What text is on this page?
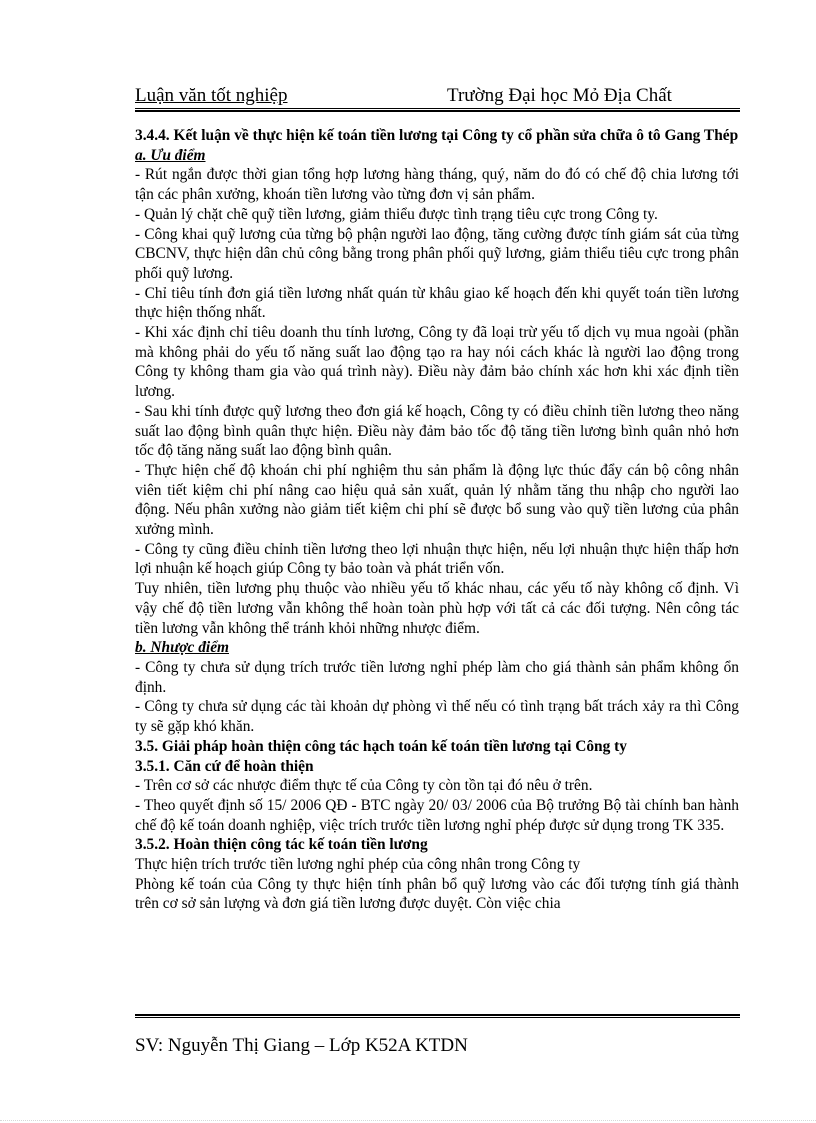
Luận văn tốt nghiệp	Trường Đại học Mỏ Địa Chất

3.4.4. Kết luận về thực hiện kế toán tiền lương tại Công ty cổ phần sửa chữa ô tô Gang Thép

a. Ưu điểm

- Rút ngắn được thời gian tổng hợp lương hàng tháng, quý, năm do đó có chế độ chia lương tới tận các phân xưởng, khoán tiền lương vào từng đơn vị sản phẩm.

- Quản lý chặt chẽ quỹ tiền lương, giảm thiểu được tình trạng tiêu cực trong Công ty.

- Công khai quỹ lương của từng bộ phận người lao động, tăng cường được tính giám sát của từng CBCNV, thực hiện dân chủ công bằng trong phân phối quỹ lương, giảm thiểu tiêu cực trong phân phối quỹ lương.

- Chỉ tiêu tính đơn giá tiền lương nhất quán từ khâu giao kế hoạch đến khi quyết toán tiền lương thực hiện thống nhất.

- Khi xác định chỉ tiêu doanh thu tính lương, Công ty đã loại trừ yếu tố dịch vụ mua ngoài (phần mà không phải do yếu tố năng suất lao động tạo ra hay nói cách khác là người lao động trong Công ty không tham gia vào quá trình này). Điều này đảm bảo chính xác hơn khi xác định tiền lương.

- Sau khi tính được quỹ lương theo đơn giá kế hoạch, Công ty có điều chỉnh tiền lương theo năng suất lao động bình quân thực hiện. Điều này đảm bảo tốc độ tăng tiền lương bình quân nhỏ hơn tốc độ tăng năng suất lao động bình quân.

- Thực hiện chế độ khoán chi phí nghiệm thu sản phẩm là động lực thúc đẩy cán bộ công nhân viên tiết kiệm chi phí nâng cao hiệu quả sản xuất, quản lý nhằm tăng thu nhập cho người lao động. Nếu phân xưởng nào giảm tiết kiệm chi phí sẽ được bổ sung vào quỹ tiền lương của phân xưởng mình.

- Công ty cũng điều chỉnh tiền lương theo lợi nhuận thực hiện, nếu lợi nhuận thực hiện thấp hơn lợi nhuận kế hoạch giúp Công ty bảo toàn và phát triển vốn.

Tuy nhiên, tiền lương phụ thuộc vào nhiều yếu tố khác nhau, các yếu tố này không cố định. Vì vậy chế độ tiền lương vẫn không thể hoàn toàn phù hợp với tất cả các đối tượng. Nên công tác tiền lương vẫn không thể tránh khỏi những nhược điểm.

b. Nhược điểm

- Công ty chưa sử dụng trích trước tiền lương nghỉ phép làm cho giá thành sản phẩm không ổn định.

- Công ty chưa sử dụng các tài khoản dự phòng vì thế nếu có tình trạng bất trách xảy ra thì Công ty sẽ gặp khó khăn.

3.5. Giải pháp hoàn thiện công tác hạch toán kế toán tiền lương tại Công ty

3.5.1. Căn cứ để hoàn thiện

- Trên cơ sở các nhược điểm thực tế của Công ty còn tồn tại đó nêu ở trên.

- Theo quyết định số 15/ 2006 QĐ - BTC ngày 20/ 03/ 2006 của Bộ trưởng Bộ tài chính ban hành chế độ kế toán doanh nghiệp, việc trích trước tiền lương nghỉ phép được sử dụng trong TK 335.

3.5.2. Hoàn thiện công tác kế toán tiền lương

Thực hiện trích trước tiền lương nghỉ phép của công nhân trong Công ty

Phòng kế toán của Công ty thực hiện tính phân bổ quỹ lương vào các đối tượng tính giá thành trên cơ sở sản lượng và đơn giá tiền lương được duyệt. Còn việc chia

SV: Nguyễn Thị Giang – Lớp K52A KTDN
